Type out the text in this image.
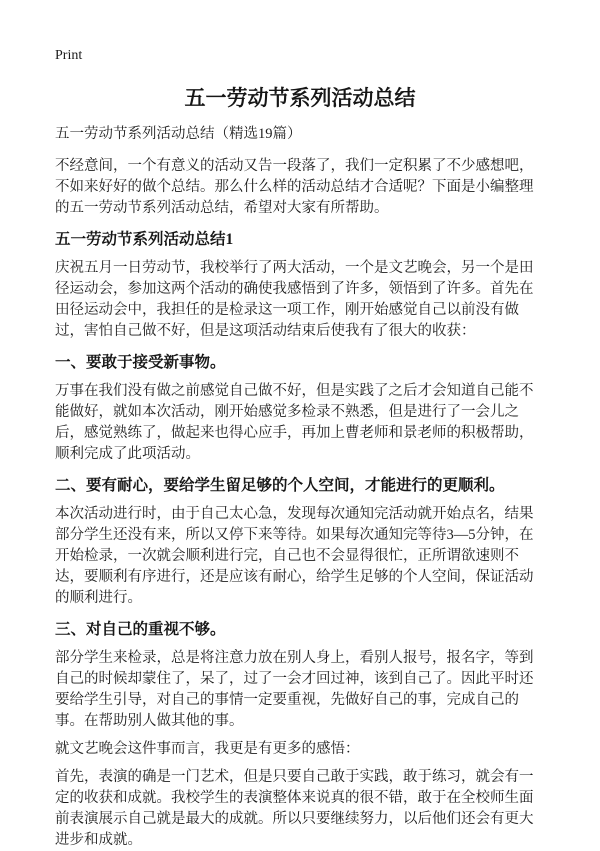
Print
五一劳动节系列活动总结

五一劳动节系列活动总结（精选19篇）

不经意间，一个有意义的活动又告一段落了，我们一定积累了不少感想吧，不如来好好的做个总结。那么什么样的活动总结才合适呢？下面是小编整理的五一劳动节系列活动总结，希望对大家有所帮助。

五一劳动节系列活动总结1

庆祝五月一日劳动节，我校举行了两大活动，一个是文艺晚会，另一个是田径运动会，参加这两个活动的确使我感悟到了许多，领悟到了许多。首先在田径运动会中，我担任的是检录这一项工作，刚开始感觉自己以前没有做过，害怕自己做不好，但是这项活动结束后使我有了很大的收获：

一、要敢于接受新事物。

万事在我们没有做之前感觉自己做不好，但是实践了之后才会知道自己能不能做好，就如本次活动，刚开始感觉多检录不熟悉，但是进行了一会儿之后，感觉熟练了，做起来也得心应手，再加上曹老师和景老师的积极帮助，顺利完成了此项活动。

二、要有耐心，要给学生留足够的个人空间，才能进行的更顺利。

本次活动进行时，由于自己太心急，发现每次通知完活动就开始点名，结果部分学生还没有来，所以又停下来等待。如果每次通知完等待3—5分钟，在开始检录，一次就会顺利进行完，自己也不会显得很忙，正所谓欲速则不达，要顺利有序进行，还是应该有耐心，给学生足够的个人空间，保证活动的顺利进行。

三、对自己的重视不够。

部分学生来检录，总是将注意力放在别人身上，看别人报号，报名字，等到自己的时候却蒙住了，呆了，过了一会才回过神，该到自己了。因此平时还要给学生引导，对自己的事情一定要重视，先做好自己的事，完成自己的事。在帮助别人做其他的事。

就文艺晚会这件事而言，我更是有更多的感悟：

首先，表演的确是一门艺术，但是只要自己敢于实践，敢于练习，就会有一定的收获和成就。我校学生的表演整体来说真的很不错，敢于在全校师生面前表演展示自己就是最大的成就。所以只要继续努力，以后他们还会有更大进步和成就。
